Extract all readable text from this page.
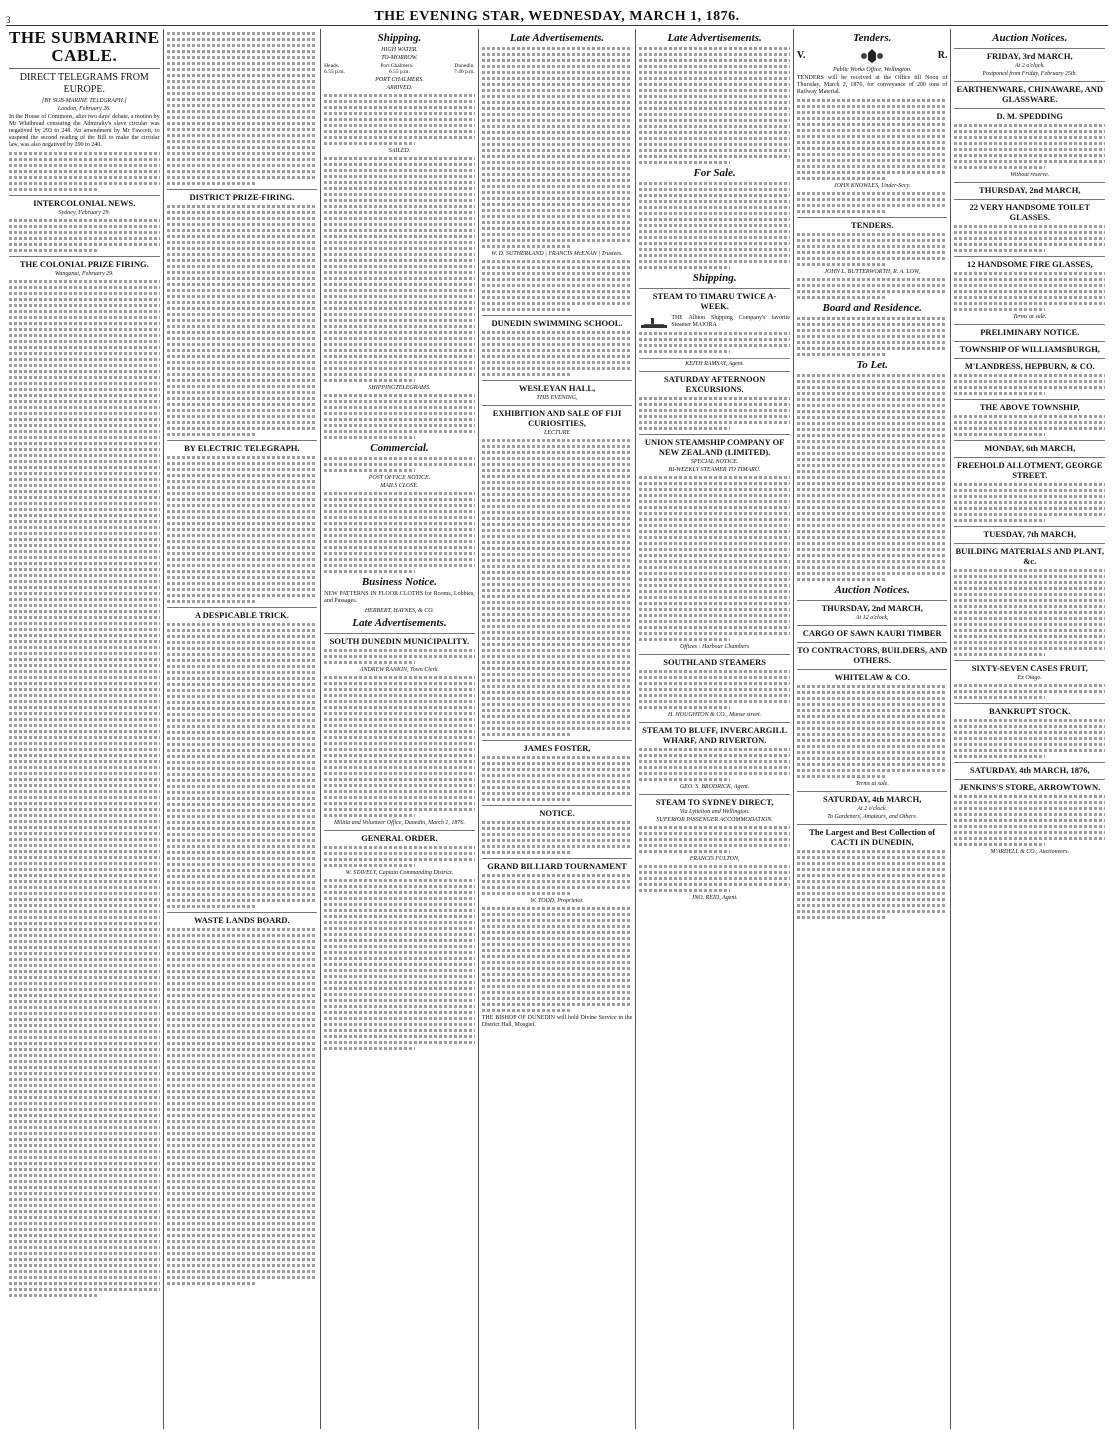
3	THE EVENING STAR, WEDNESDAY, MARCH 1, 1876.
THE SUBMARINE CABLE.
DIRECT TELEGRAMS FROM EUROPE.
[BY SUB-MARINE TELEGRAPH.]
London, February 26.
In the House of Commons, after two days' debate, a motion by Mr Whitbread censuring the Admiralty's slave circular was negatived by 293 to 248. An amendment by Mr Fawcett, to suspend the second reading of the Bill to make the circular law, was also negatived by 290 to 240.
INTERCOLONIAL NEWS.
Sydney, February 29.
THE COLONIAL PRIZE FIRING.
Wanganui, February 29.
DISTRICT PRIZE-FIRING.
BY ELECTRIC TELEGRAPH.
A DESPICABLE TRICK.
WASTE LANDS BOARD.
Shipping.
HIGH WATER.
TO-MORROW.
Heads.	Port Chalmers.	Dunedin.
6.55 p.m.	6.55 p.m.	7.40 p.m.
PORT CHALMERS.
ARRIVED.
SAILED.
SHIPPINGTELEGRAMS.
Commercial.
POST OFFICE NOTICE.
MAILS CLOSE.
Business Notice.
NEW PATTERNS IN FLOOR CLOTHS for Rooms, Lobbies, and Passages.
HERBERT, HAYNES, & CO.
Late Advertisements.
SOUTH DUNEDIN MUNICIPALITY.
ANDREW RANKIN, Town Clerk.
Militia and Volunteer Office, Dunedin, March 1, 1876.
GENERAL ORDER.
W. STAVELY, Captain Commanding District.
Late Advertisements.
W. D. SUTHERLAND | FRANCIS McENAN | Trustees.
DUNEDIN SWIMMING SCHOOL.
WESLEYAN HALL,
THIS EVENING,
EXHIBITION AND SALE OF FIJI CURIOSITIES,
LECTURE
JAMES FOSTER,
NOTICE.
GRAND BILLIARD TOURNAMENT
W. TODD, Proprietor.
THE BISHOP OF DUNEDIN will hold Divine Service in the District Hall, Mosgiel.
Late Advertisements.
For Sale.
Shipping.
STEAM TO TIMARU TWICE A-WEEK.
THE Albion Shipping Company's favorite Steamer MAIORA
KEITH RAMSAY, Agent.
SATURDAY AFTERNOON EXCURSIONS.
UNION STEAMSHIP COMPANY OF NEW ZEALAND (LIMITED).
SPECIAL NOTICE.
BI-WEEKLY STEAMER TO TIMARU.
Offices : Harbour Chambers
SOUTHLAND STEAMERS
H. HOUGHTON & CO., Manse street.
STEAM TO BLUFF, INVERCARGILL WHARF, AND RIVERTON.
GEO. S. BRODRICK, Agent.
STEAM TO SYDNEY DIRECT,
Via Lyttelton and Wellington.
SUPERIOR PASSENGER ACCOMMODATION.
FRANCIS FULTON,
JNO. REID, Agent.
Tenders.
V.	R.
Public Works Office, Wellington.
TENDERS will be received at the Office till Noon of Thursday, March 2, 1876, for conveyance of 200 tons of Railway Material.
JOHN KNOWLES, Under-Secy.
TENDERS.
JOHN L. BUTTERWORTH, R. A. LOW,
Board and Residence.
To Let.
Auction Notices.
THURSDAY, 2nd MARCH,
At 12 o'clock,
CARGO OF SAWN KAURI TIMBER
TO CONTRACTORS, BUILDERS, AND OTHERS.
WHITELAW & CO.
Terms at sale.
SATURDAY, 4th MARCH,
At 2 o'clock.
To Gardeners, Amateurs, and Others.
The Largest and Best Collection of CACTI IN DUNEDIN,
Auction Notices.
FRIDAY, 3rd MARCH,
At 2 o'clock.
Postponed from Friday, February 25th.
EARTHENWARE, CHINAWARE, AND GLASSWARE.
D. M. SPEDDING
Without reserve.
THURSDAY, 2nd MARCH,
22 VERY HANDSOME TOILET GLASSES.
12 HANDSOME FIRE GLASSES,
Terms at sale.
PRELIMINARY NOTICE.
TOWNSHIP OF WILLIAMSBURGH,
M'LANDRESS, HEPBURN, & CO.
THE ABOVE TOWNSHIP,
MONDAY, 6th MARCH,
FREEHOLD ALLOTMENT, GEORGE STREET.
TUESDAY, 7th MARCH,
BUILDING MATERIALS AND PLANT, &c.
SIXTY-SEVEN CASES FRUIT,
Ex Otago.
BANKRUPT STOCK.
SATURDAY, 4th MARCH, 1876,
JENKINS'S STORE, ARROWTOWN.
M'ARDELL & CO., Auctioneers.
